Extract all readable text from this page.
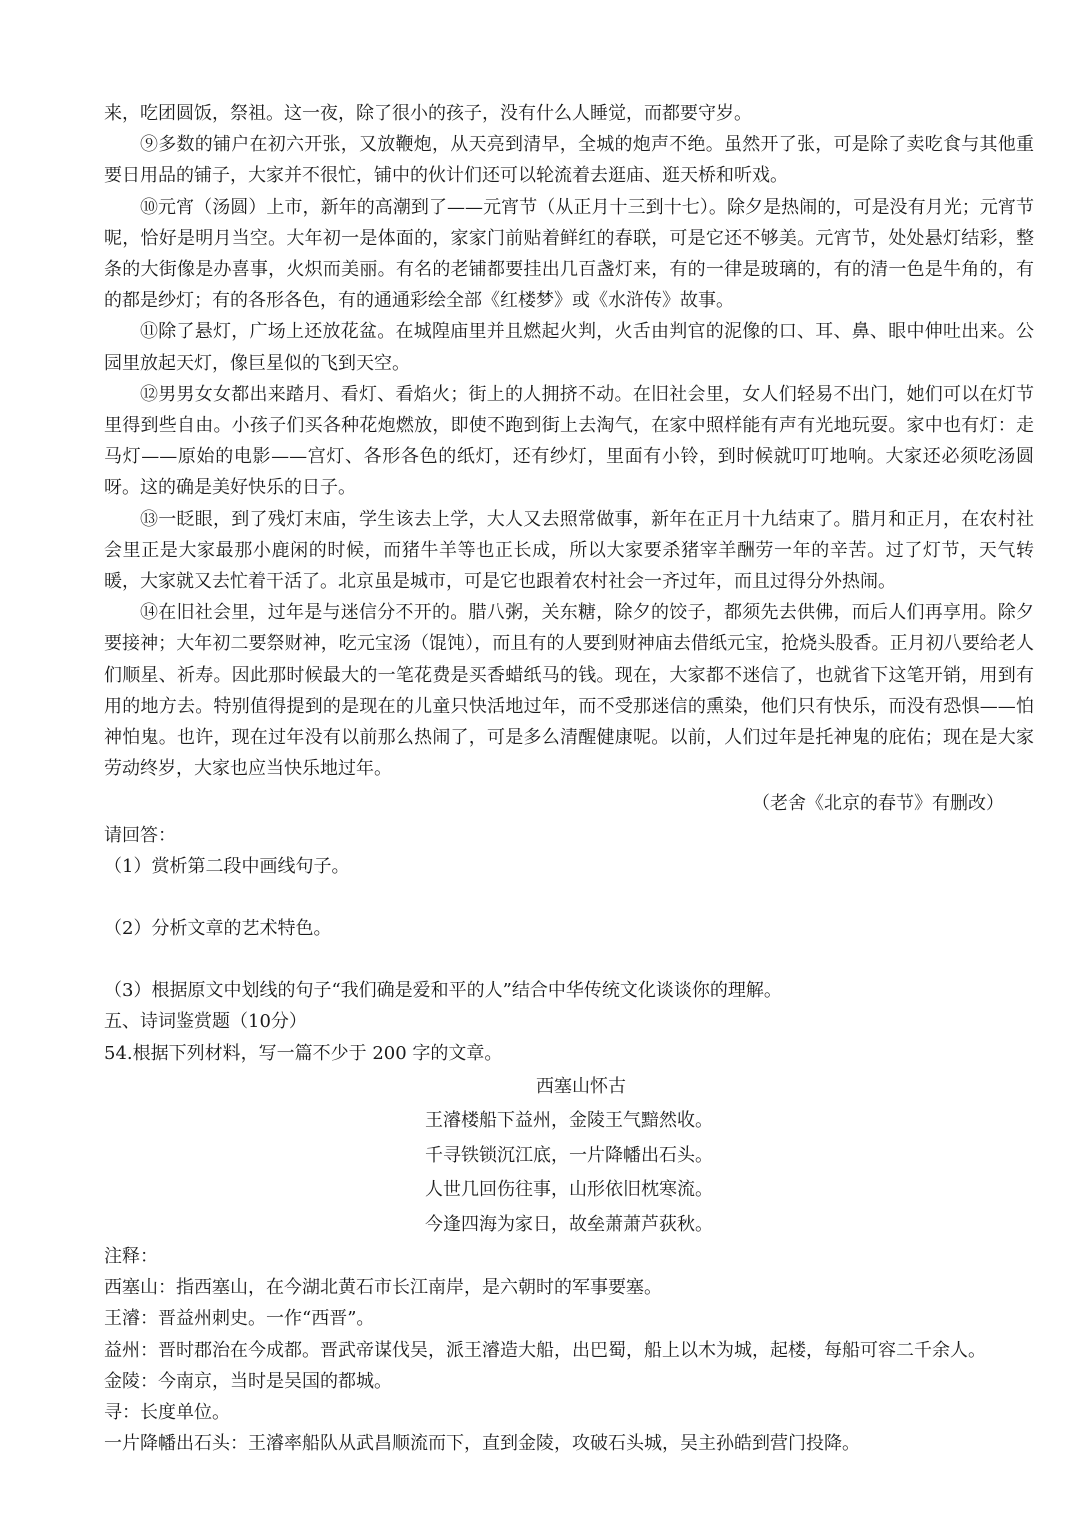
来，吃团圆饭，祭祖。这一夜，除了很小的孩子，没有什么人睡觉，而都要守岁。

⑨多数的铺户在初六开张，又放鞭炮，从天亮到清早，全城的炮声不绝。虽然开了张，可是除了卖吃食与其他重要日用品的铺子，大家并不很忙，铺中的伙计们还可以轮流着去逛庙、逛天桥和听戏。

⑩元宵（汤圆）上市，新年的高潮到了——元宵节（从正月十三到十七）。除夕是热闹的，可是没有月光；元宵节呢，恰好是明月当空。大年初一是体面的，家家门前贴着鲜红的春联，可是它还不够美。元宵节，处处悬灯结彩，整条的大街像是办喜事，火炽而美丽。有名的老铺都要挂出几百盏灯来，有的一律是玻璃的，有的清一色是牛角的，有的都是纱灯；有的各形各色，有的通通彩绘全部《红楼梦》或《水浒传》故事。

⑪除了悬灯，广场上还放花盆。在城隍庙里并且燃起火判，火舌由判官的泥像的口、耳、鼻、眼中伸吐出来。公园里放起天灯，像巨星似的飞到天空。

⑫男男女女都出来踏月、看灯、看焰火；街上的人拥挤不动。在旧社会里，女人们轻易不出门，她们可以在灯节里得到些自由。小孩子们买各种花炮燃放，即使不跑到街上去淘气，在家中照样能有声有光地玩耍。家中也有灯：走马灯——原始的电影——宫灯、各形各色的纸灯，还有纱灯，里面有小铃，到时候就叮叮地响。大家还必须吃汤圆呀。这的确是美好快乐的日子。

⑬一眨眼，到了残灯末庙，学生该去上学，大人又去照常做事，新年在正月十九结束了。腊月和正月，在农村社会里正是大家最那小鹿闲的时候，而猪牛羊等也正长成，所以大家要杀猪宰羊酬劳一年的辛苦。过了灯节，天气转暖，大家就又去忙着干活了。北京虽是城市，可是它也跟着农村社会一齐过年，而且过得分外热闹。

⑭在旧社会里，过年是与迷信分不开的。腊八粥，关东糖，除夕的饺子，都须先去供佛，而后人们再享用。除夕要接神；大年初二要祭财神，吃元宝汤（馄饨），而且有的人要到财神庙去借纸元宝，抢烧头股香。正月初八要给老人们顺星、祈寿。因此那时候最大的一笔花费是买香蜡纸马的钱。现在，大家都不迷信了，也就省下这笔开销，用到有用的地方去。特别值得提到的是现在的儿童只快活地过年，而不受那迷信的熏染，他们只有快乐，而没有恐惧——怕神怕鬼。也许，现在过年没有以前那么热闹了，可是多么清醒健康呢。以前，人们过年是托神鬼的庇佑；现在是大家劳动终岁，大家也应当快乐地过年。

（老舍《北京的春节》有删改）

请回答：

（1）赏析第二段中画线句子。

（2）分析文章的艺术特色。

（3）根据原文中划线的句子“我们确是爱和平的人”结合中华传统文化谈谈你的理解。

五、诗词鉴赏题（10分）

54.根据下列材料，写一篇不少于 200 字的文章。

西塞山怀古

王濬楼船下益州，金陵王气黯然收。

千寻铁锁沉江底，一片降幡出石头。

人世几回伤往事，山形依旧枕寒流。

今逢四海为家日，故垒萧萧芦荻秋。

注释：

西塞山：指西塞山，在今湖北黄石市长江南岸，是六朝时的军事要塞。

王濬：晋益州刺史。一作“西晋”。

益州：晋时郡治在今成都。晋武帝谋伐吴，派王濬造大船，出巴蜀，船上以木为城，起楼，每船可容二千余人。

金陵：今南京，当时是吴国的都城。

寻：长度单位。

一片降幡出石头：王濬率船队从武昌顺流而下，直到金陵，攻破石头城，吴主孙皓到营门投降。
